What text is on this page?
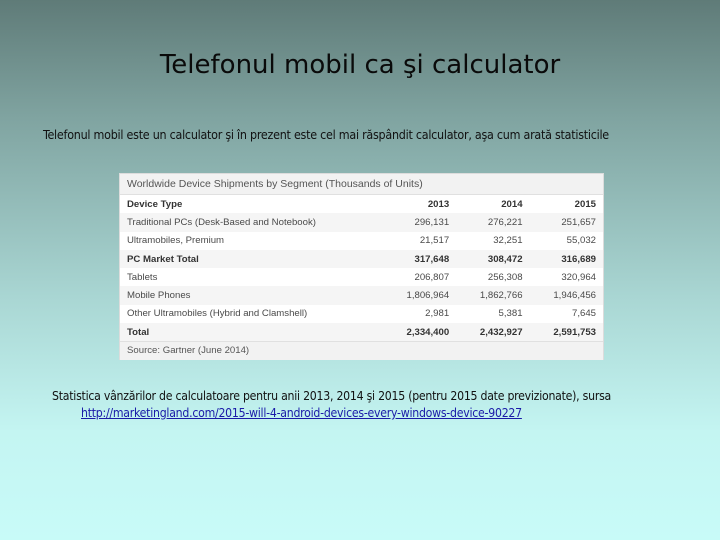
Telefonul mobil ca şi calculator
Telefonul mobil este un calculator şi în prezent este cel mai răspândit calculator, aşa cum arată statisticile
Worldwide Device Shipments by Segment (Thousands of Units)
Device Type	2013	2014	2015
Traditional PCs (Desk-Based and Notebook)	296,131	276,221	251,657
Ultramobiles, Premium	21,517	32,251	55,032
PC Market Total	317,648	308,472	316,689
Tablets	206,807	256,308	320,964
Mobile Phones	1,806,964	1,862,766	1,946,456
Other Ultramobiles (Hybrid and Clamshell)	2,981	5,381	7,645
Total	2,334,400	2,432,927	2,591,753
Source: Gartner (June 2014)
Statistica vânzărilor de calculatoare pentru anii 2013, 2014 şi 2015 (pentru 2015 date previzionate), sursa
http://marketingland.com/2015-will-4-android-devices-every-windows-device-90227
